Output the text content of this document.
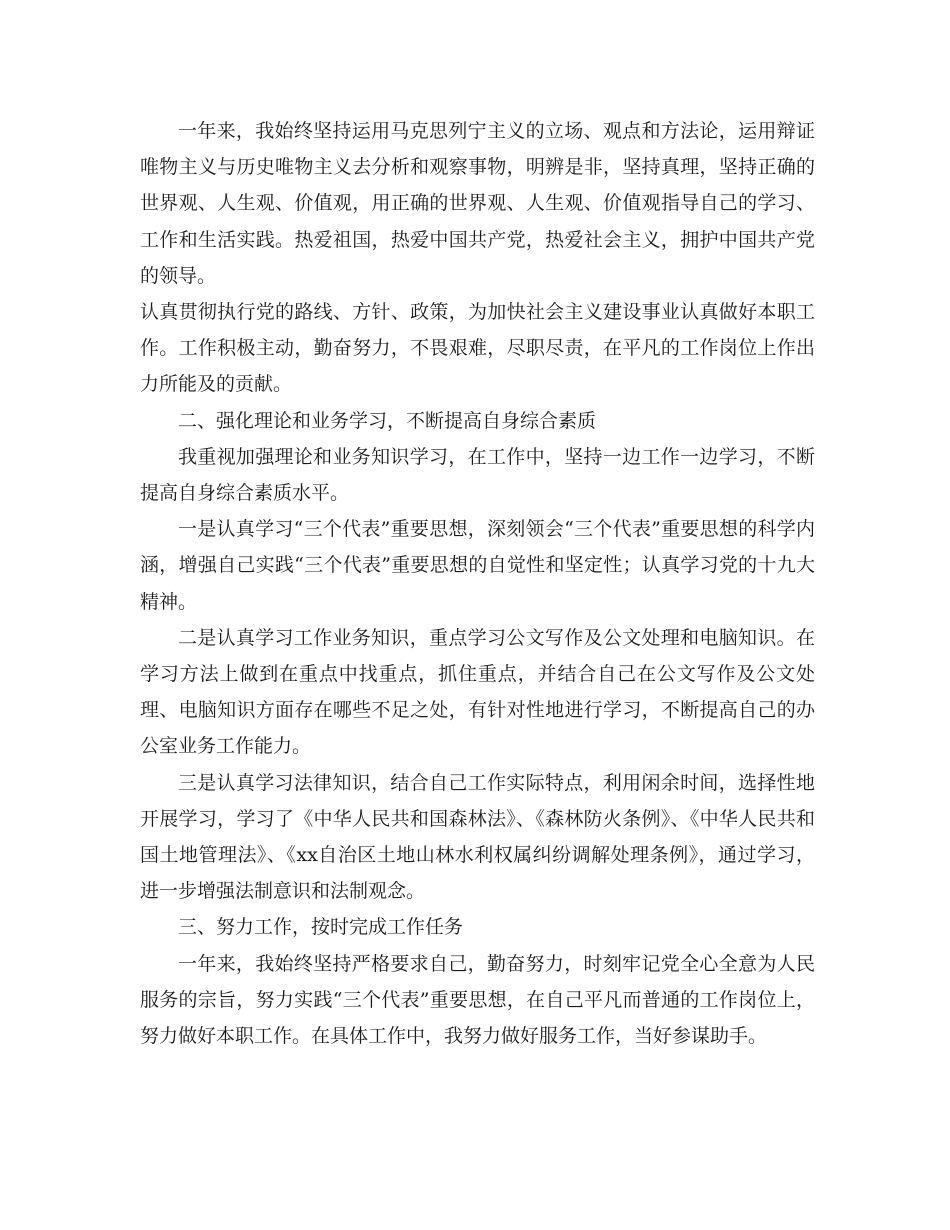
一年来，我始终坚持运用马克思列宁主义的立场、观点和方法论，运用辩证唯物主义与历史唯物主义去分析和观察事物，明辨是非，坚持真理，坚持正确的世界观、人生观、价值观，用正确的世界观、人生观、价值观指导自己的学习、工作和生活实践。热爱祖国，热爱中国共产党，热爱社会主义，拥护中国共产党的领导。

认真贯彻执行党的路线、方针、政策，为加快社会主义建设事业认真做好本职工作。工作积极主动，勤奋努力，不畏艰难，尽职尽责，在平凡的工作岗位上作出力所能及的贡献。

二、强化理论和业务学习，不断提高自身综合素质

我重视加强理论和业务知识学习，在工作中，坚持一边工作一边学习，不断提高自身综合素质水平。

一是认真学习“三个代表”重要思想，深刻领会“三个代表”重要思想的科学内涵，增强自己实践“三个代表”重要思想的自觉性和坚定性；认真学习党的十九大精神。

二是认真学习工作业务知识，重点学习公文写作及公文处理和电脑知识。在学习方法上做到在重点中找重点，抓住重点，并结合自己在公文写作及公文处理、电脑知识方面存在哪些不足之处，有针对性地进行学习，不断提高自己的办公室业务工作能力。

三是认真学习法律知识，结合自己工作实际特点，利用闲余时间，选择性地开展学习，学习了《中华人民共和国森林法》、《森林防火条例》、《中华人民共和国土地管理法》、《xx自治区土地山林水利权属纠纷调解处理条例》，通过学习，进一步增强法制意识和法制观念。

三、努力工作，按时完成工作任务

一年来，我始终坚持严格要求自己，勤奋努力，时刻牢记党全心全意为人民服务的宗旨，努力实践“三个代表”重要思想，在自己平凡而普通的工作岗位上，努力做好本职工作。在具体工作中，我努力做好服务工作，当好参谋助手。
